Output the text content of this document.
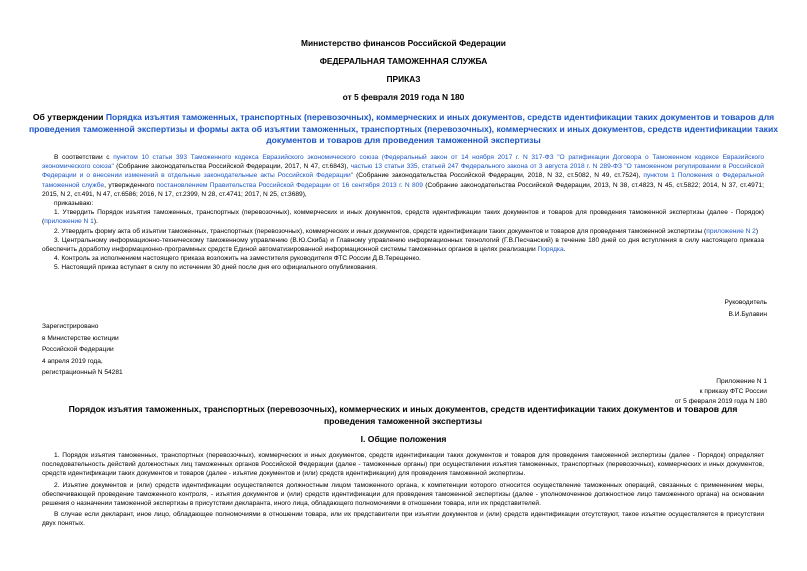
Министерство финансов Российской Федерации
ФЕДЕРАЛЬНАЯ ТАМОЖЕННАЯ СЛУЖБА
ПРИКАЗ
от 5 февраля 2019 года N 180
Об утверждении Порядка изъятия таможенных, транспортных (перевозочных), коммерческих и иных документов, средств идентификации таких документов и товаров для проведения таможенной экспертизы и формы акта об изъятии таможенных, транспортных (перевозочных), коммерческих и иных документов, средств идентификации таких документов и товаров для проведения таможенной экспертизы

В соответствии с пунктом 10 статьи 393 Таможенного кодекса Евразийского экономического союза (Федеральный закон от 14 ноября 2017 г. N 317-ФЗ "О ратификации Договора о Таможенном кодексе Евразийского экономического союза" (Собрание законодательства Российской Федерации, 2017, N 47, ст.6843), частью 13 статьи 335, статьей 247 Федерального закона от 3 августа 2018 г. N 289-ФЗ "О таможенном регулировании в Российской Федерации и о внесении изменений в отдельные законодательные акты Российской Федерации" (Собрание законодательства Российской Федерации, 2018, N 32, ст.5082, N 49, ст.7524), пунктом 1 Положения о Федеральной таможенной службе, утвержденного постановлением Правительства Российской Федерации от 16 сентября 2013 г. N 809 (Собрание законодательства Российской Федерации, 2013, N 38, ст.4823, N 45, ст.5822; 2014, N 37, ст.4971; 2015, N 2, ст.491, N 47, ст.6586; 2016, N 17, ст.2399, N 28, ст.4741; 2017, N 25, ст.3689),

приказываю:

1. Утвердить Порядок изъятия таможенных, транспортных (перевозочных), коммерческих и иных документов, средств идентификации таких документов и товаров для проведения таможенной экспертизы (далее - Порядок) (приложение N 1).

2. Утвердить форму акта об изъятии таможенных, транспортных (перевозочных), коммерческих и иных документов, средств идентификации таких документов и товаров для проведения таможенной экспертизы (приложение N 2)

3. Центральному информационно-техническому таможенному управлению (В.Ю.Скиба) и Главному управлению информационных технологий (Г.В.Песчанский) в течение 180 дней со дня вступления в силу настоящего приказа обеспечить доработку информационно-программных средств Единой автоматизированной информационной системы таможенных органов в целях реализации Порядка.

4. Контроль за исполнением настоящего приказа возложить на заместителя руководителя ФТС России Д.В.Терещенко.

5. Настоящий приказ вступает в силу по истечении 30 дней после дня его официального опубликования.

Руководитель
В.И.Булавин
Зарегистрировано
в Министерстве юстиции
Российской Федерации
4 апреля 2019 года,
регистрационный N 54281
Приложение N 1
к приказу ФТС России
от 5 февраля 2019 года N 180
Порядок изъятия таможенных, транспортных (перевозочных), коммерческих и иных документов, средств идентификации таких документов и товаров для проведения таможенной экспертизы
I. Общие положения

1. Порядок изъятия таможенных, транспортных (перевозочных), коммерческих и иных документов, средств идентификации таких документов и товаров для проведения таможенной экспертизы (далее - Порядок) определяет последовательность действий должностных лиц таможенных органов Российской Федерации (далее - таможенные органы) при осуществлении изъятия таможенных, транспортных (перевозочных), коммерческих и иных документов, средств идентификации таких документов и товаров (далее - изъятие документов и (или) средств идентификации) для проведения таможенной экспертизы.

2. Изъятие документов и (или) средств идентификации осуществляется должностным лицом таможенного органа, к компетенции которого относится осуществление таможенных операций, связанных с применением меры, обеспечивающей проведение таможенного контроля, - изъятия документов и (или) средств идентификации для проведения таможенной экспертизы (далее - уполномоченное должностное лицо таможенного органа) на основании решения о назначении таможенной экспертизы в присутствии декларанта, иного лица, обладающего полномочиями в отношении товара, или их представителей.

В случае если декларант, иное лицо, обладающее полномочиями в отношении товара, или их представители при изъятии документов и (или) средств идентификации отсутствуют, такое изъятие осуществляется в присутствии двух понятых.
